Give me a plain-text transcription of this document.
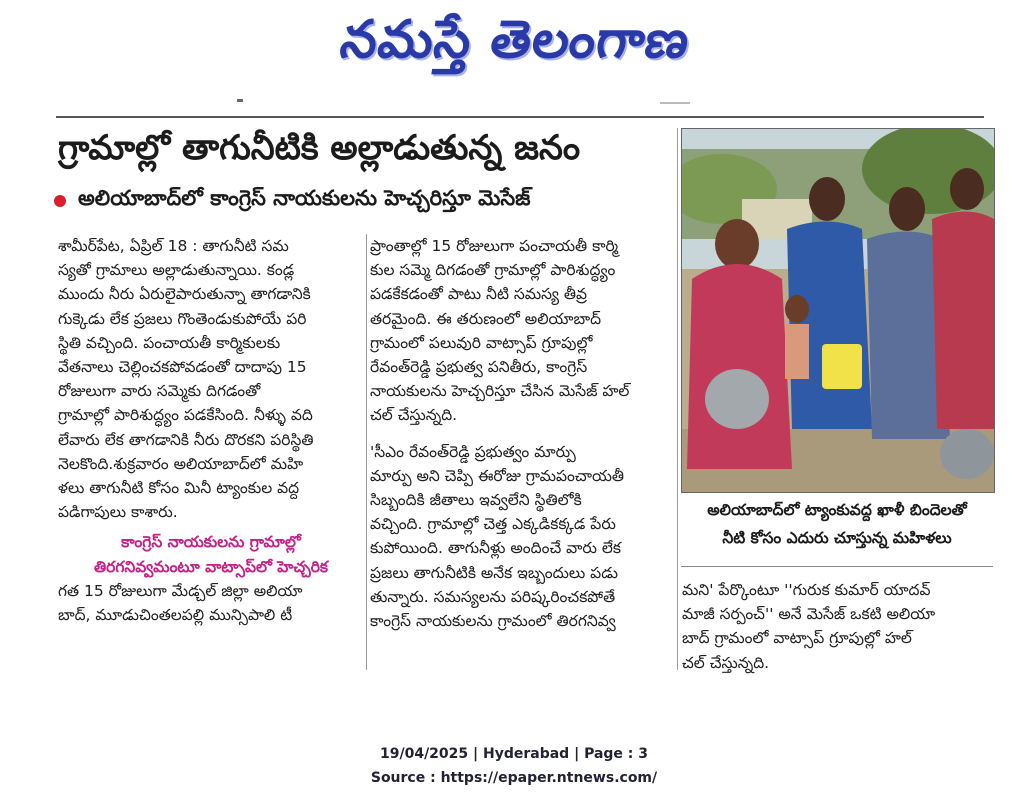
నమస్తే తెలంగాణ
గ్రామాల్లో తాగునీటికి అల్లాడుతున్న జనం
అలియాబాద్‌లో కాంగ్రెస్ నాయకులను హెచ్చరిస్తూ మెసేజ్

శామీర్‌పేట, ఏప్రిల్ 18 : తాగునీటి సమ

స్యతో గ్రామాలు అల్లాడుతున్నాయి. కండ్ల

ముందు నీరు ఏరులైపారుతున్నా తాగడానికి

గుక్కెడు లేక ప్రజలు గొంతెండుకుపోయే పరి

స్థితి వచ్చింది. పంచాయతీ కార్మికులకు

వేతనాలు చెల్లించకపోవడంతో దాదాపు 15

రోజులుగా వారు సమ్మెకు దిగడంతో

గ్రామాల్లో పారిశుద్ధ్యం పడకేసింది. నీళ్ళు వది

లేవారు లేక తాగడానికి నీరు దొరకని పరిస్థితి

నెలకొంది.శుక్రవారం అలియాబాద్‌లో మహి

ళలు తాగునీటి కోసం మినీ ట్యాంకుల వద్ద

పడిగాపులు కాశారు.

కాంగ్రెస్ నాయకులను గ్రామాల్లో

తిరగనివ్వమంటూ వాట్సాప్‌లో హెచ్చరిక

గత 15 రోజులుగా మేడ్చల్ జిల్లా అలియా

బాద్, మూడుచింతలపల్లి మున్సిపాలి టీ

ప్రాంతాల్లో 15 రోజులుగా పంచాయతీ కార్మి

కుల సమ్మె దిగడంతో గ్రామాల్లో పారిశుద్ధ్యం

పడకేకడంతో పాటు నీటి సమస్య తీవ్ర

తరమైంది. ఈ తరుణంలో అలియాబాద్

గ్రామంలో పలువురి వాట్సాప్ గ్రూపుల్లో

రేవంత్‌రెడ్డి ప్రభుత్వ పనితీరు, కాంగ్రెస్

నాయకులను హెచ్చరిస్తూ చేసిన మెసేజ్ హల్

చల్ చేస్తున్నది.

'సీఎం రేవంత్‌రెడ్డి ప్రభుత్వం మార్పు

మార్పు అని చెప్పి ఈరోజు గ్రామపంచాయతీ

సిబ్బందికి జీతాలు ఇవ్వలేని స్థితిలోకి

వచ్చింది. గ్రామాల్లో చెత్త ఎక్కడికక్కడ పేరు

కుపోయింది. తాగునీళ్లు అందించే వారు లేక

ప్రజలు తాగునీటికి అనేక ఇబ్బందులు పడు

తున్నారు. సమస్యలను పరిష్కరించకపోతే

కాంగ్రెస్ నాయకులను గ్రామంలో తిరగనివ్వ

అలియాబాద్‌లో ట్యాంకువద్ద ఖాళీ బిందెలతో
నీటి కోసం ఎదురు చూస్తున్న మహిళలు

మని' పేర్కొంటూ ''గురుక కుమార్ యాదవ్

మాజీ సర్పంచ్'' అనే మెసేజ్ ఒకటి అలియా

బాద్ గ్రామంలో వాట్సాప్ గ్రూపుల్లో హల్

చల్ చేస్తున్నది.

19/04/2025 | Hyderabad | Page : 3
Source : https://epaper.ntnews.com/
